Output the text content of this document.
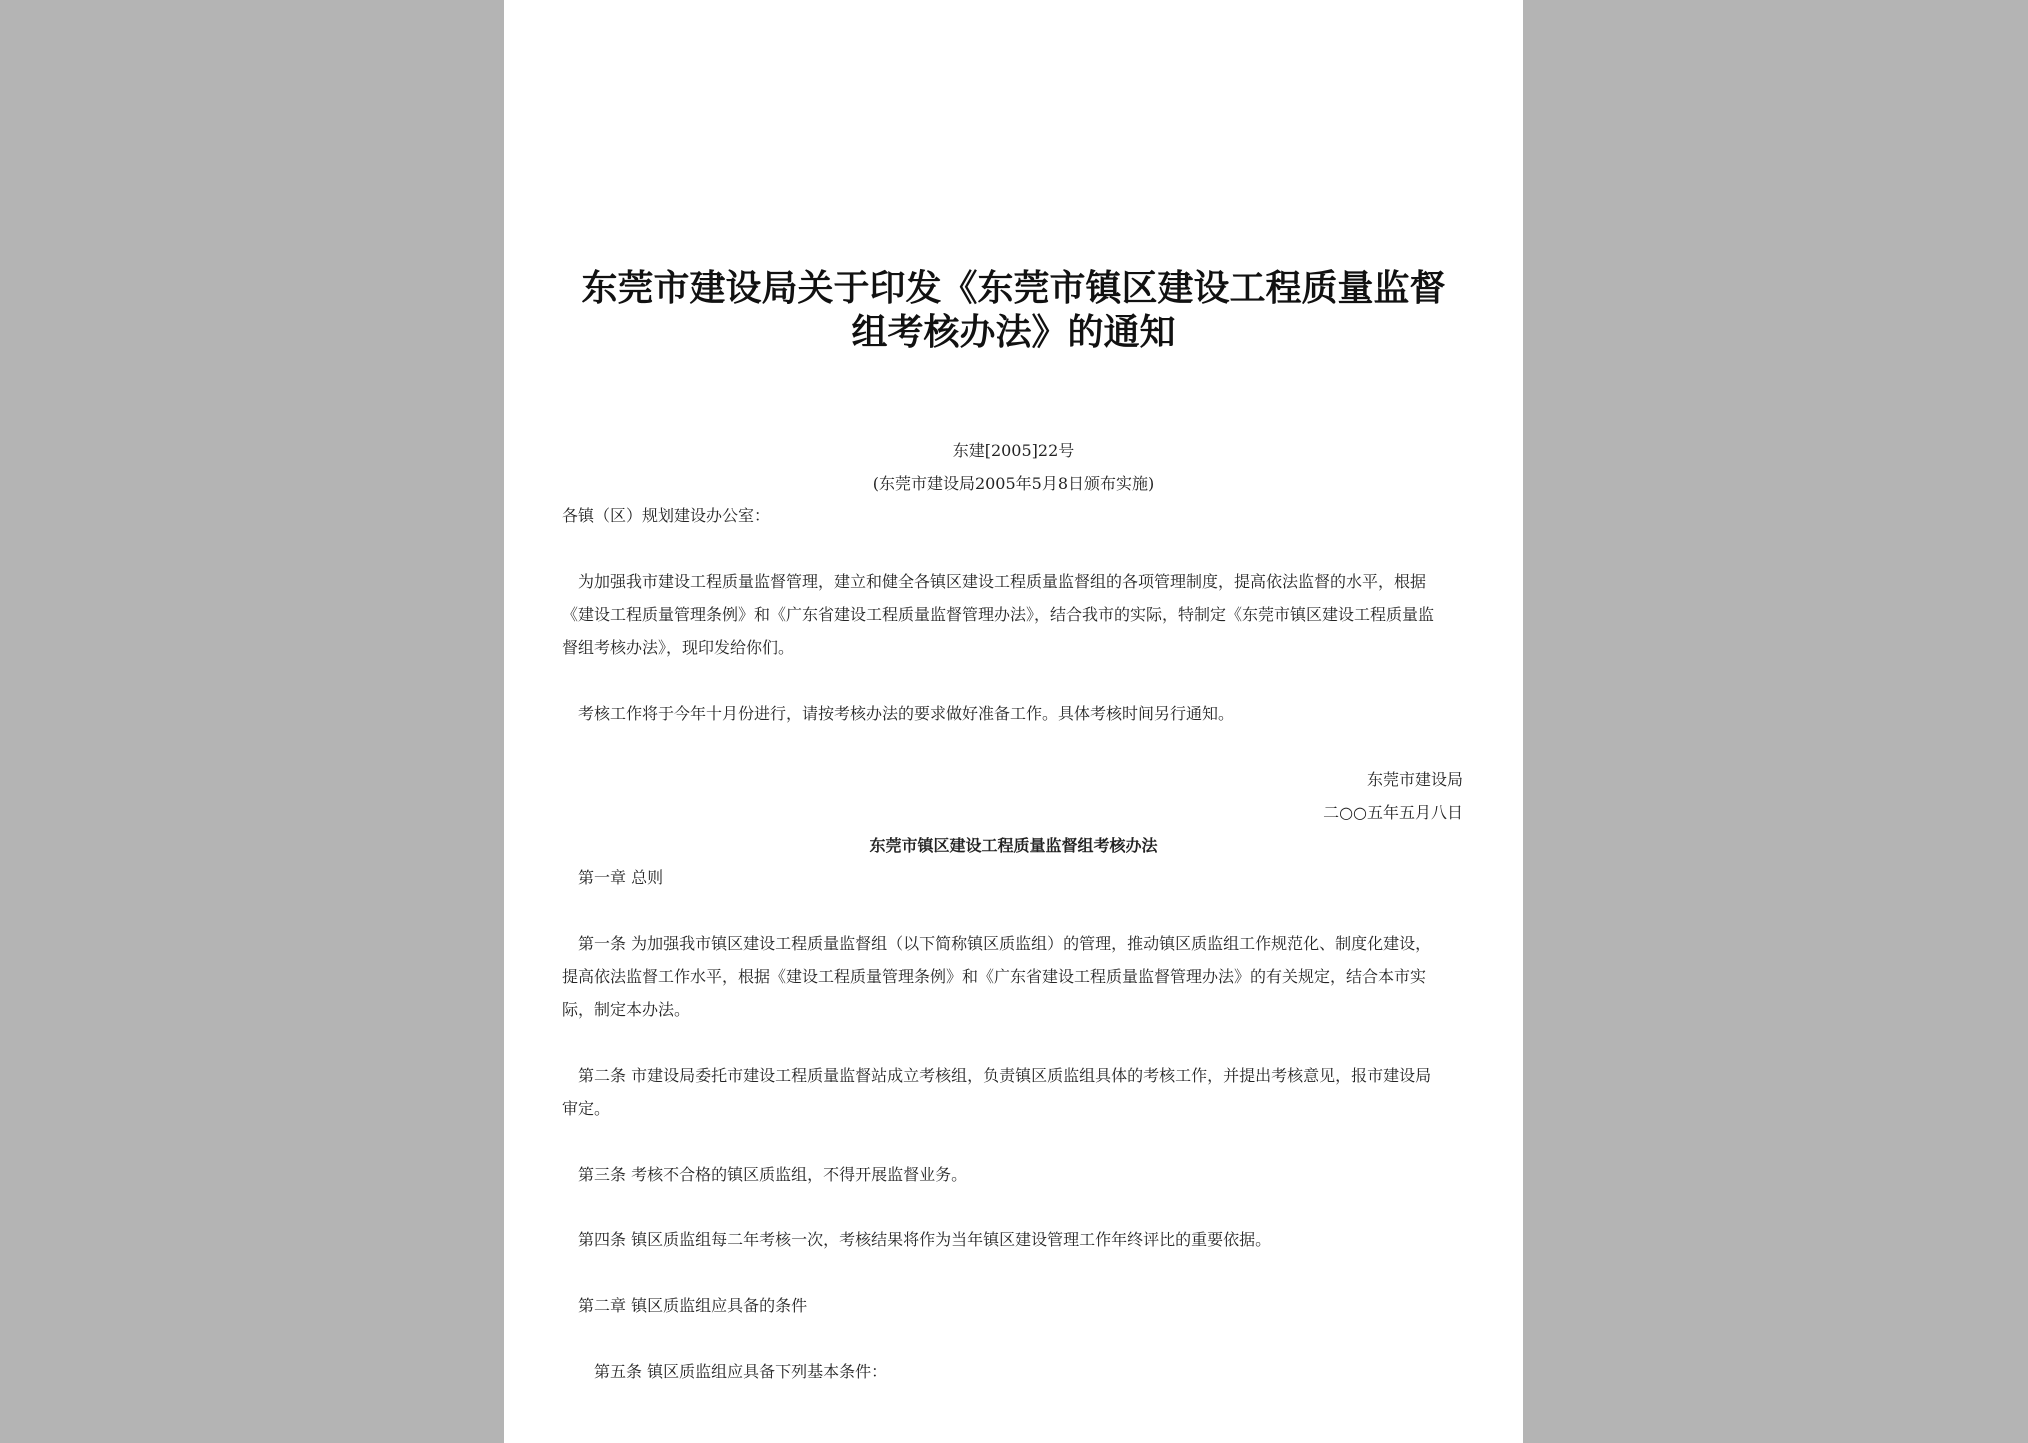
东莞市建设局关于印发《东莞市镇区建设工程质量监督
组考核办法》的通知
东建[2005]22号
(东莞市建设局2005年5月8日颁布实施)
各镇（区）规划建设办公室：
为加强我市建设工程质量监督管理，建立和健全各镇区建设工程质量监督组的各项管理制度，提高依法监督的水平，根据
《建设工程质量管理条例》和《广东省建设工程质量监督管理办法》，结合我市的实际，特制定《东莞市镇区建设工程质量监
督组考核办法》，现印发给你们。
考核工作将于今年十月份进行，请按考核办法的要求做好准备工作。具体考核时间另行通知。
东莞市建设局
二○○五年五月八日
东莞市镇区建设工程质量监督组考核办法
第一章 总则
第一条 为加强我市镇区建设工程质量监督组（以下简称镇区质监组）的管理，推动镇区质监组工作规范化、制度化建设，
提高依法监督工作水平，根据《建设工程质量管理条例》和《广东省建设工程质量监督管理办法》的有关规定，结合本市实
际，制定本办法。
第二条 市建设局委托市建设工程质量监督站成立考核组，负责镇区质监组具体的考核工作，并提出考核意见，报市建设局
审定。
第三条 考核不合格的镇区质监组，不得开展监督业务。
第四条 镇区质监组每二年考核一次，考核结果将作为当年镇区建设管理工作年终评比的重要依据。
第二章 镇区质监组应具备的条件
第五条 镇区质监组应具备下列基本条件：
